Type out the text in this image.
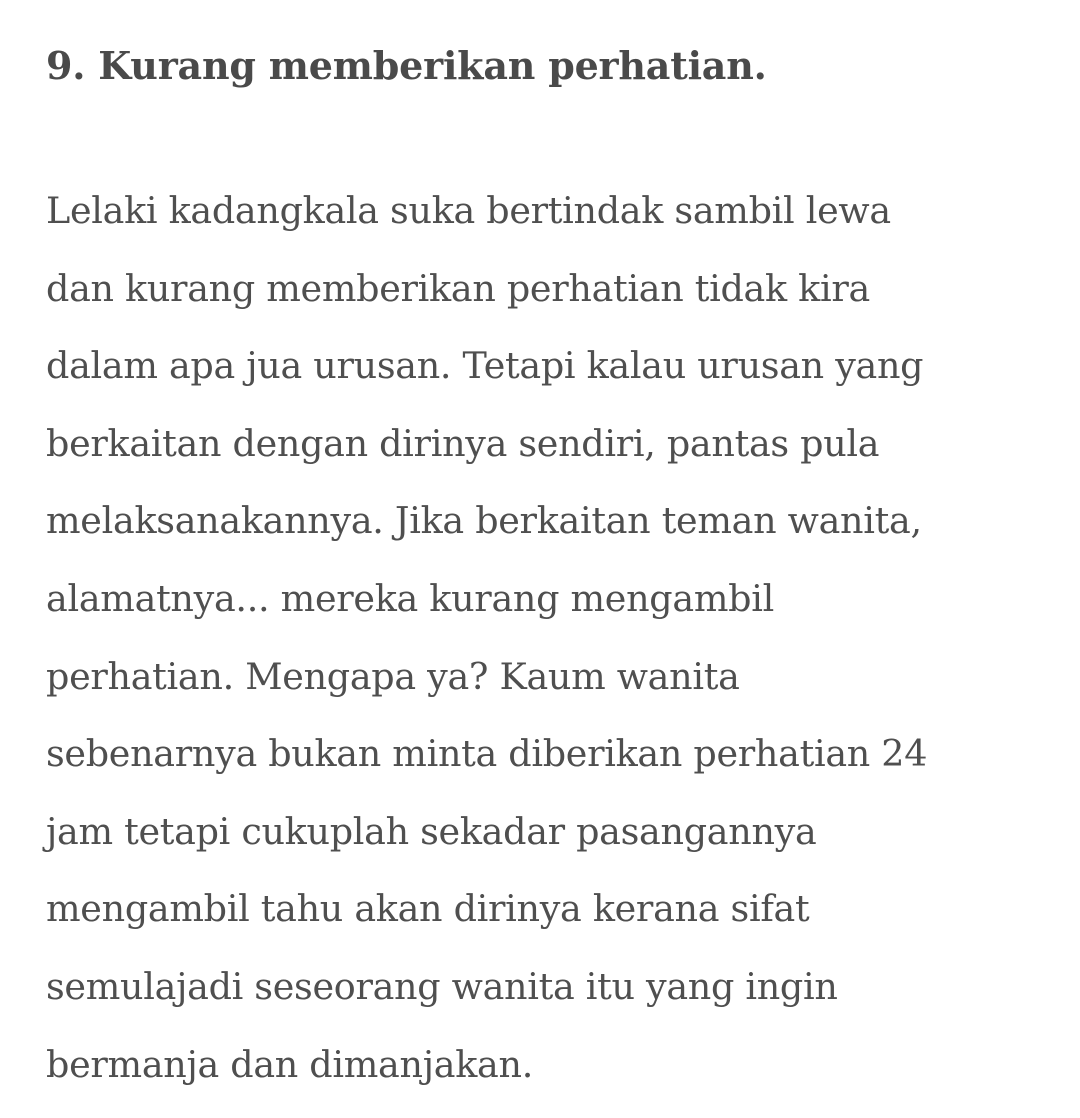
9. Kurang memberikan perhatian.
Lelaki kadangkala suka bertindak sambil lewa
dan kurang memberikan perhatian tidak kira
dalam apa jua urusan. Tetapi kalau urusan yang
berkaitan dengan dirinya sendiri, pantas pula
melaksanakannya. Jika berkaitan teman wanita,
alamatnya... mereka kurang mengambil
perhatian. Mengapa ya? Kaum wanita
sebenarnya bukan minta diberikan perhatian 24
jam tetapi cukuplah sekadar pasangannya
mengambil tahu akan dirinya kerana sifat
semulajadi seseorang wanita itu yang ingin
bermanja dan dimanjakan.
